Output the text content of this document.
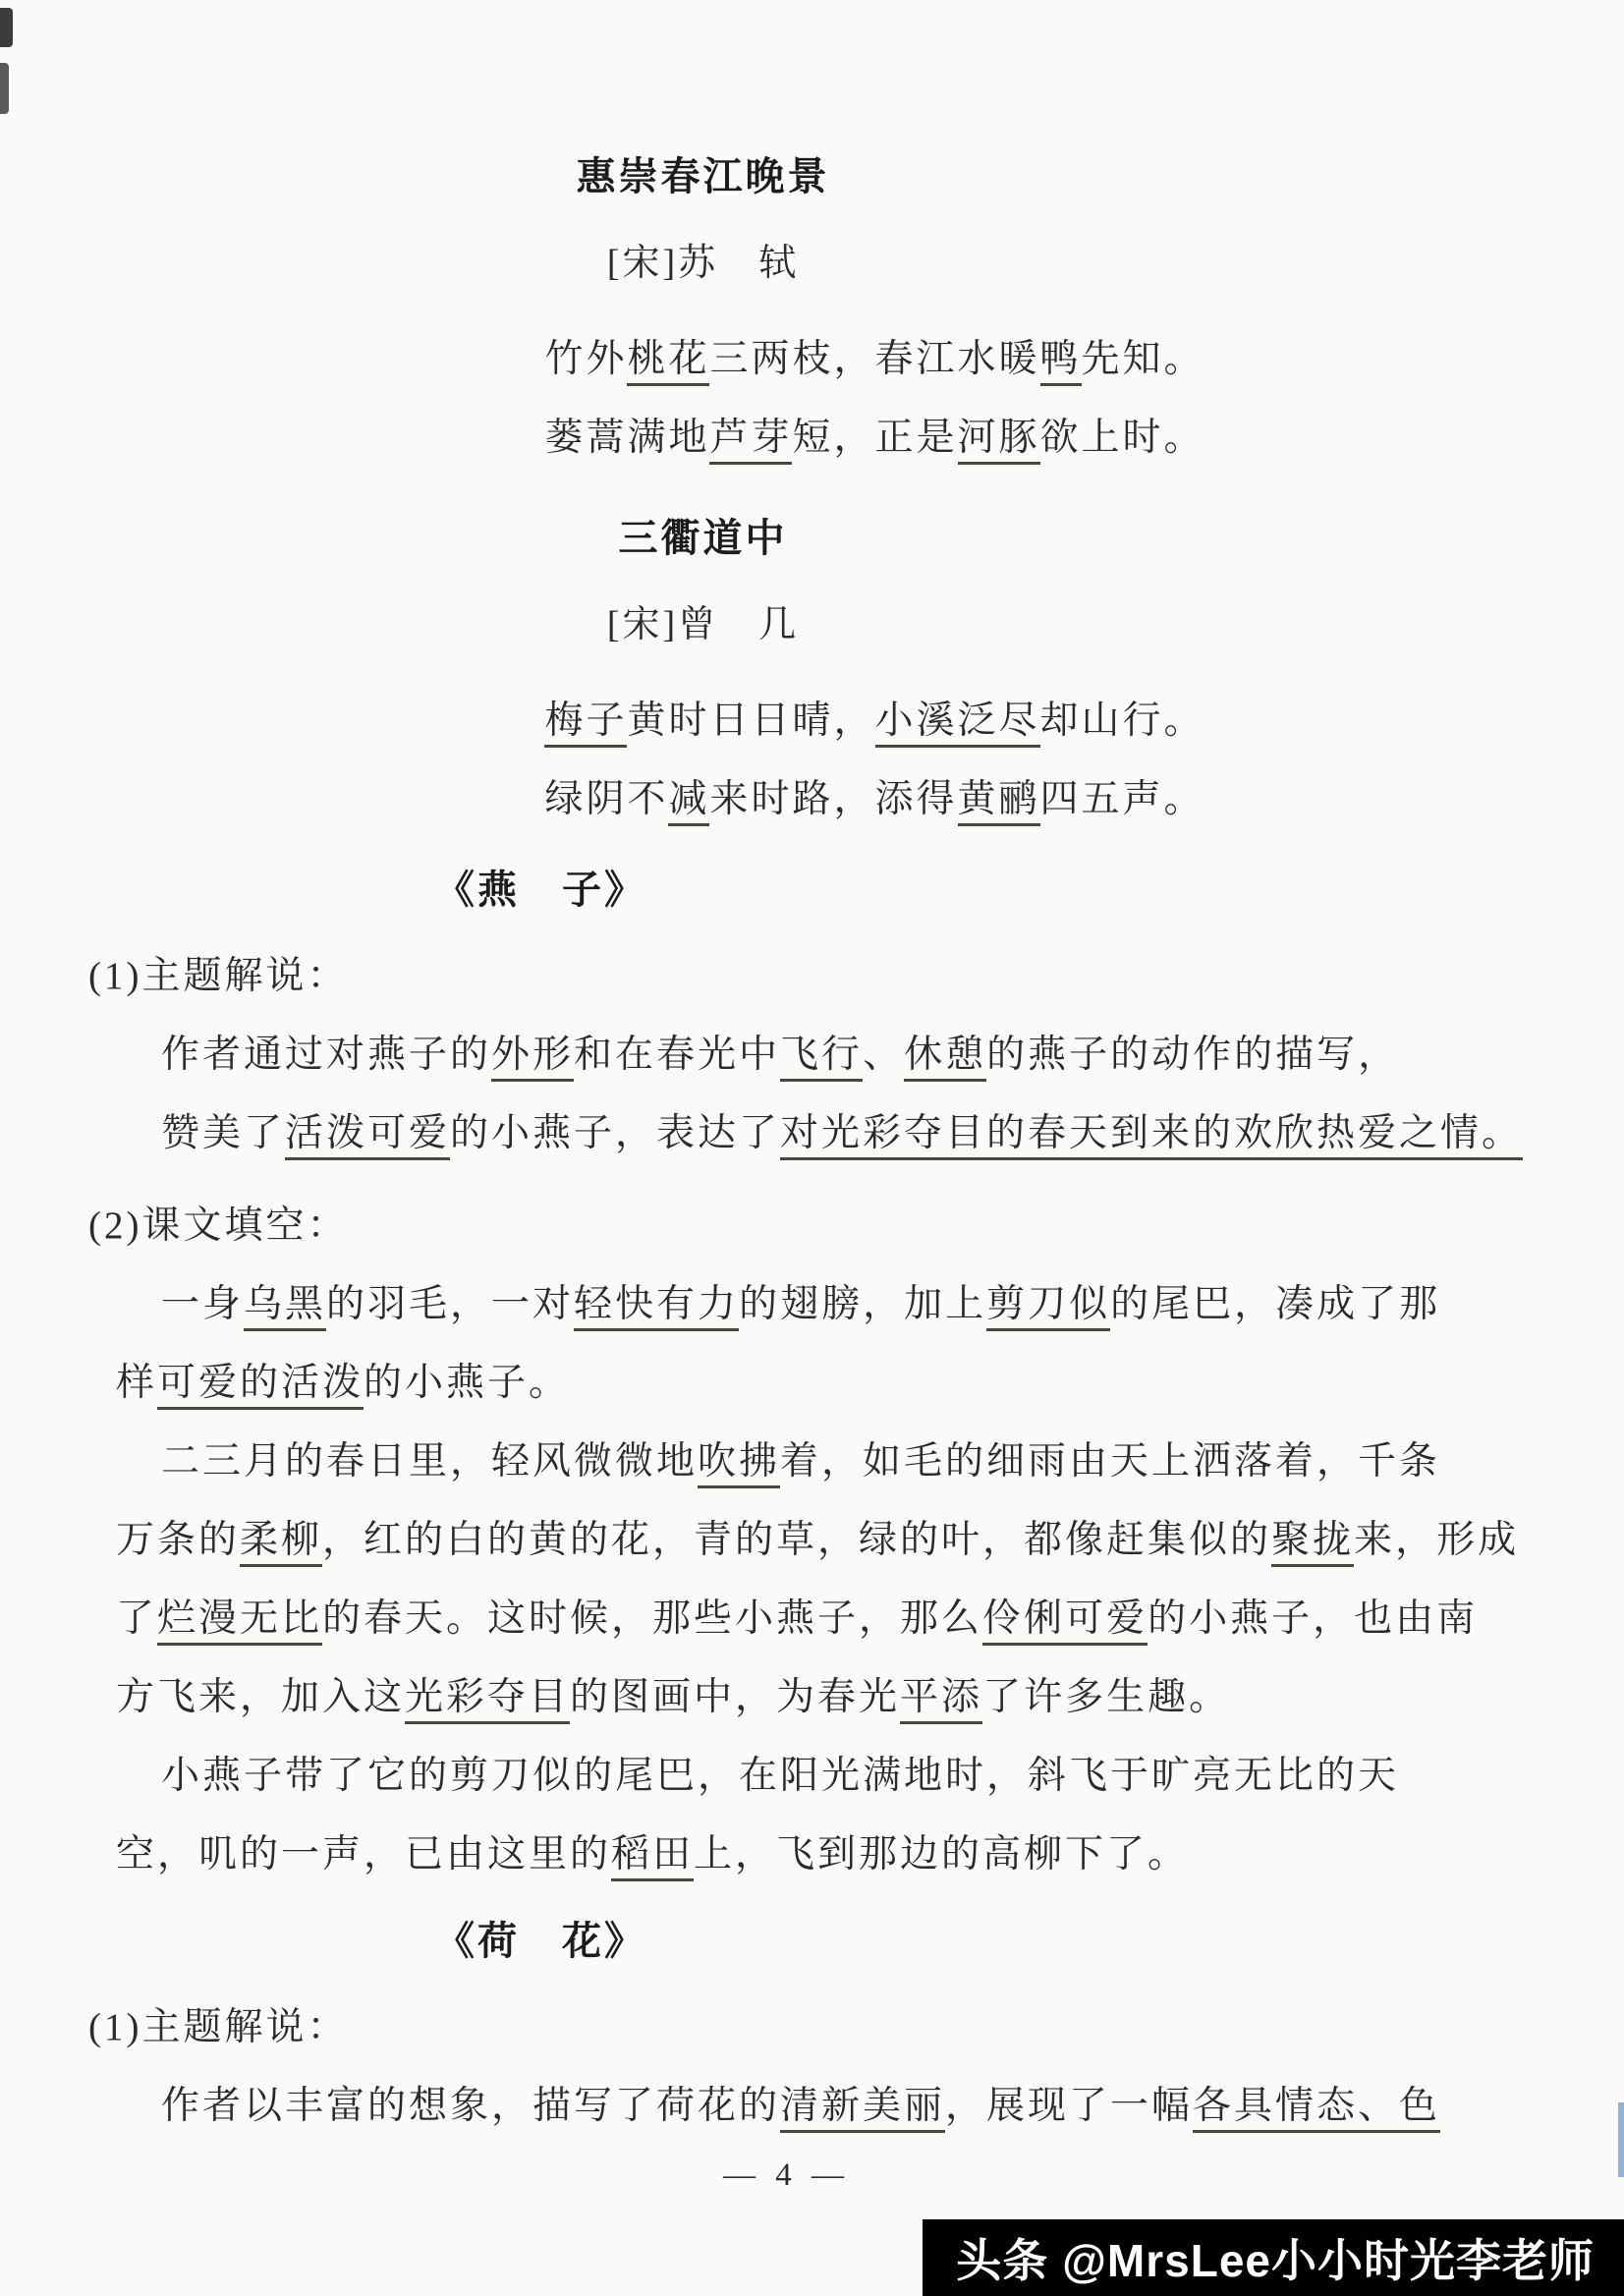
惠崇春江晚景
[宋]苏　轼
竹外桃花三两枝，春江水暖鸭先知。
蒌蒿满地芦芽短，正是河豚欲上时。
三衢道中
[宋]曾　几
梅子黄时日日晴，小溪泛尽却山行。
绿阴不减来时路，添得黄鹂四五声。
《燕　子》
(1)主题解说：
作者通过对燕子的外形和在春光中飞行、休憩的燕子的动作的描写，
赞美了活泼可爱的小燕子，表达了对光彩夺目的春天到来的欢欣热爱之情。
(2)课文填空：
一身乌黑的羽毛，一对轻快有力的翅膀，加上剪刀似的尾巴，凑成了那
样可爱的活泼的小燕子。
二三月的春日里，轻风微微地吹拂着，如毛的细雨由天上洒落着，千条
万条的柔柳，红的白的黄的花，青的草，绿的叶，都像赶集似的聚拢来，形成
了烂漫无比的春天。这时候，那些小燕子，那么伶俐可爱的小燕子，也由南
方飞来，加入这光彩夺目的图画中，为春光平添了许多生趣。
小燕子带了它的剪刀似的尾巴，在阳光满地时，斜飞于旷亮无比的天
空，叽的一声，已由这里的稻田上，飞到那边的高柳下了。
《荷　花》
(1)主题解说：
作者以丰富的想象，描写了荷花的清新美丽，展现了一幅各具情态、色
— 4 —
头条 @MrsLee小小时光李老师
